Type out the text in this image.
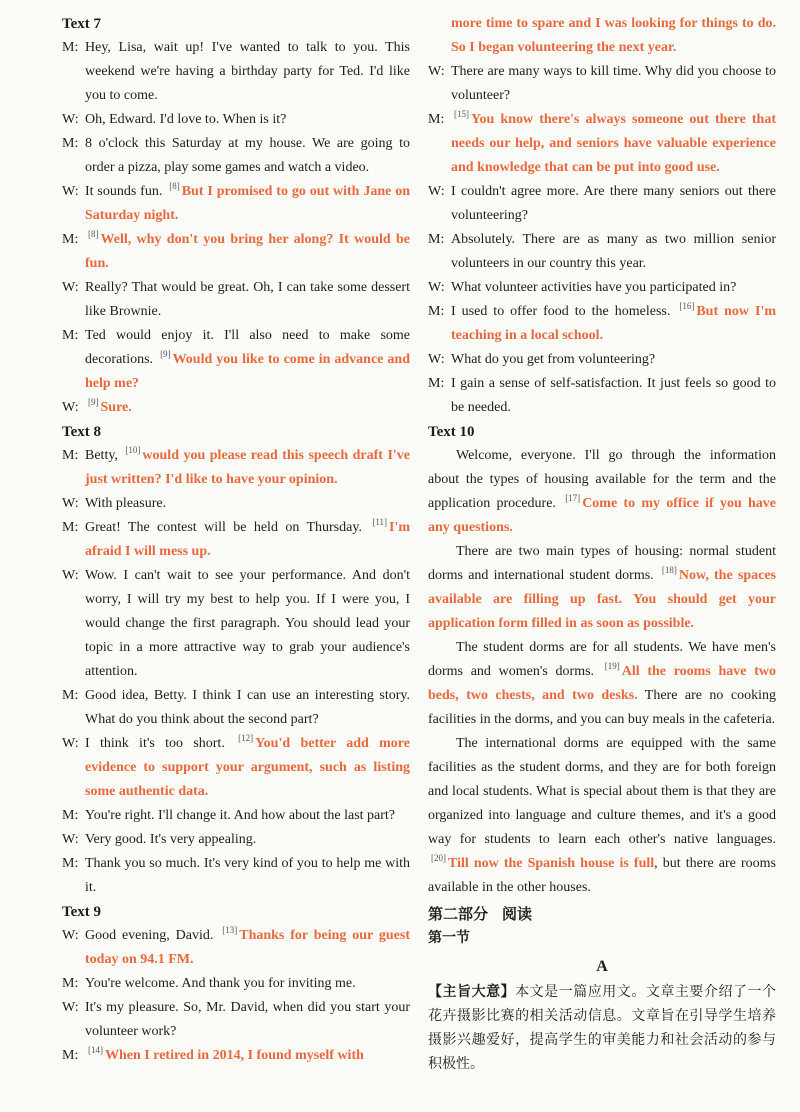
Text 7
M: Hey, Lisa, wait up! I've wanted to talk to you. This weekend we're having a birthday party for Ted. I'd like you to come.
W: Oh, Edward. I'd love to. When is it?
M: 8 o'clock this Saturday at my house. We are going to order a pizza, play some games and watch a video.
W: It sounds fun. [8] But I promised to go out with Jane on Saturday night.
M:	[8] Well, why don't you bring her along? It would be fun.
W: Really? That would be great. Oh, I can take some dessert like Brownie.
M: Ted would enjoy it. I'll also need to make some decorations. [9] Would you like to come in advance and help me?
W:	[9] Sure.
Text 8
M: Betty, [10] would you please read this speech draft I've just written? I'd like to have your opinion.
W: With pleasure.
M: Great! The contest will be held on Thursday. [11] I'm afraid I will mess up.
W: Wow. I can't wait to see your performance. And don't worry, I will try my best to help you. If I were you, I would change the first paragraph. You should lead your topic in a more attractive way to grab your audience's attention.
M: Good idea, Betty. I think I can use an interesting story. What do you think about the second part?
W: I think it's too short. [12] You'd better add more evidence to support your argument, such as listing some authentic data.
M: You're right. I'll change it. And how about the last part?
W: Very good. It's very appealing.
M: Thank you so much. It's very kind of you to help me with it.
Text 9
W: Good evening, David. [13] Thanks for being our guest today on 94.1 FM.
M: You're welcome. And thank you for inviting me.
W: It's my pleasure. So, Mr. David, when did you start your volunteer work?
M:	[14] When I retired in 2014, I found myself with
more time to spare and I was looking for things to do. So I began volunteering the next year.
W: There are many ways to kill time. Why did you choose to volunteer?
M:	[15] You know there's always someone out there that needs our help, and seniors have valuable experience and knowledge that can be put into good use.
W: I couldn't agree more. Are there many seniors out there volunteering?
M: Absolutely. There are as many as two million senior volunteers in our country this year.
W: What volunteer activities have you participated in?
M: I used to offer food to the homeless. [16] But now I'm teaching in a local school.
W: What do you get from volunteering?
M: I gain a sense of self-satisfaction. It just feels so good to be needed.
Text 10

Welcome, everyone. I'll go through the information about the types of housing available for the term and the application procedure. [17] Come to my office if you have any questions.

There are two main types of housing: normal student dorms and international student dorms. [18] Now, the spaces available are filling up fast. You should get your application form filled in as soon as possible.

The student dorms are for all students. We have men's dorms and women's dorms. [19] All the rooms have two beds, two chests, and two desks. There are no cooking facilities in the dorms, and you can buy meals in the cafeteria.

The international dorms are equipped with the same facilities as the student dorms, and they are for both foreign and local students. What is special about them is that they are organized into language and culture themes, and it's a good way for students to learn each other's native languages. [20] Till now the Spanish house is full, but there are rooms available in the other houses.

第二部分 阅读
第一节
A
【主旨大意】本文是一篇应用文。文章主要介绍了一个花卉摄影比赛的相关活动信息。文章旨在引导学生培养摄影兴趣爱好，提高学生的审美能力和社会活动的参与积极性。
